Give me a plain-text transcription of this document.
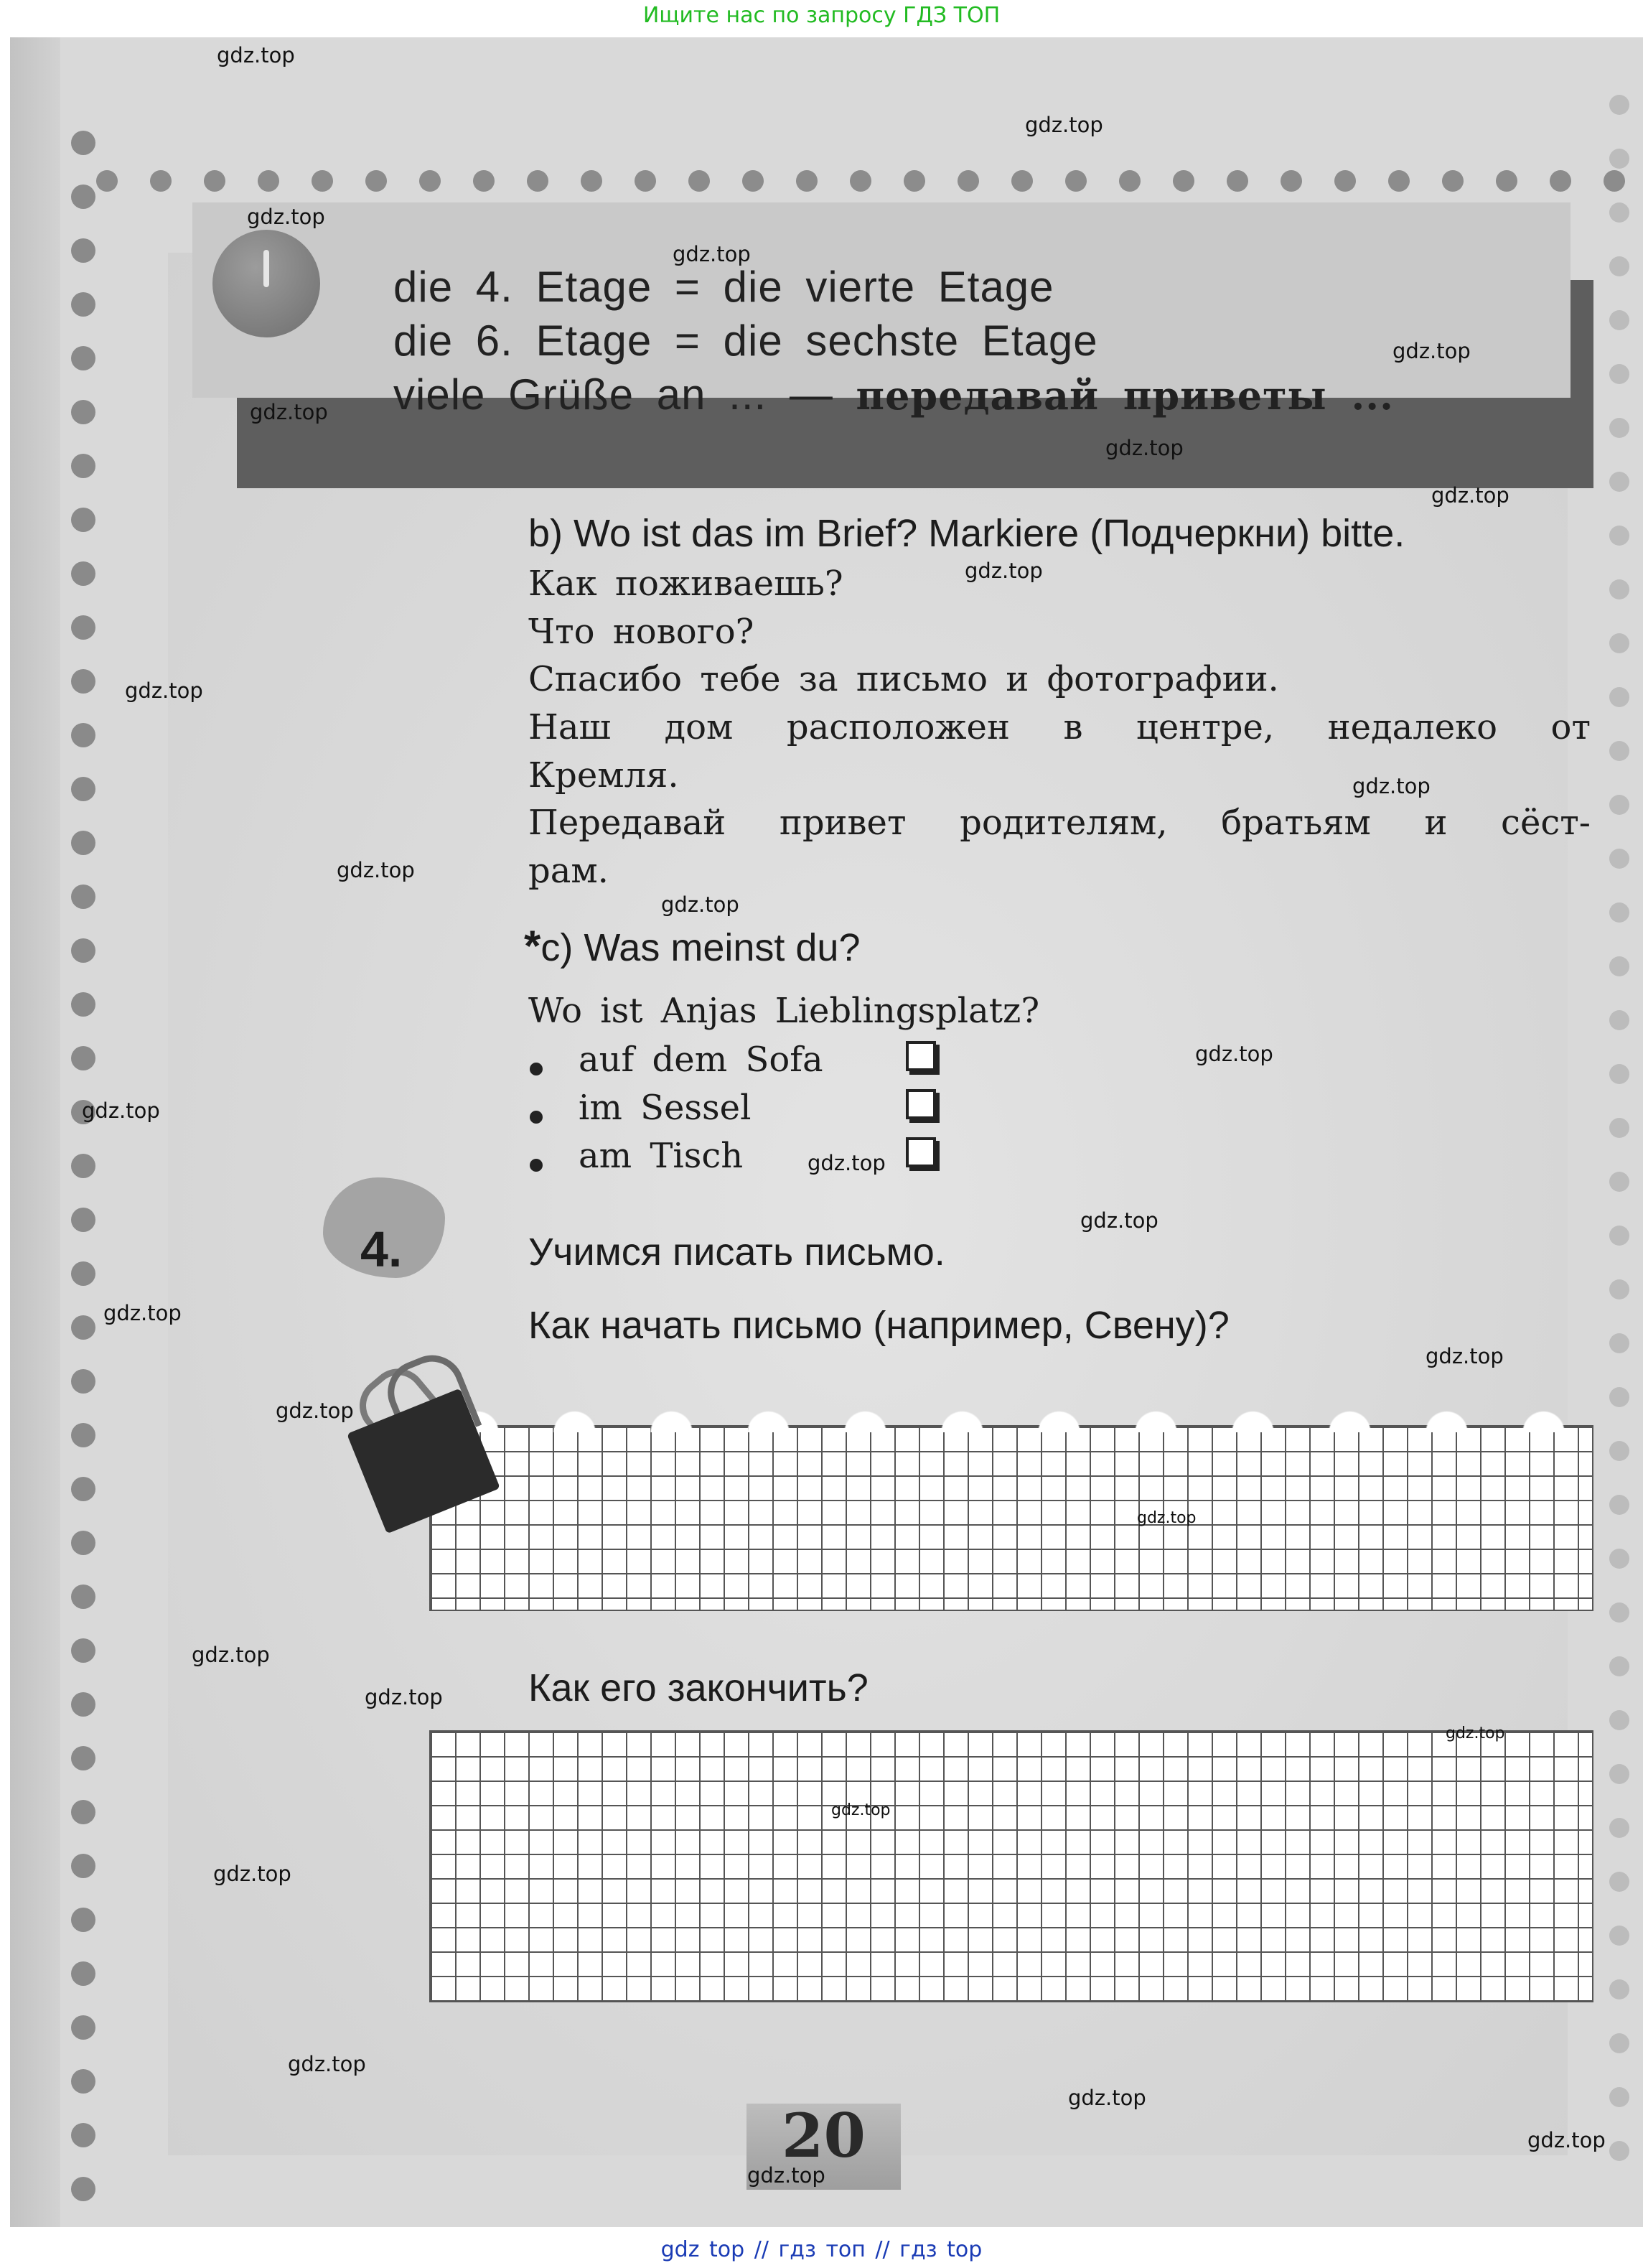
Ищите нас по запросу ГДЗ ТОП
die 4. Etage = die vierte Etage
die 6. Etage = die sechste Etage
viele Grüße an ... — передавай приветы ...
b) Wo ist das im Brief? Markiere (Подчеркни) bitte.
Как поживаешь?
Что нового?
Спасибо тебе за письмо и фотографии.
Наш дом расположен в центре, недалеко от
Кремля.
Передавай привет родителям, братьям и сёст-
рам.
*c) Was meinst du?
Wo ist Anjas Lieblingsplatz?
auf dem Sofa
im Sessel
am Tisch
4.	Учимся писать письмо.
Как начать письмо (например, Свену)?
Как его закончить?
20
gdz.top
gdz.top
gdz.top
gdz.top
gdz.top
gdz.top
gdz.top
gdz.top
gdz.top
gdz.top
gdz.top
gdz.top
gdz.top
gdz.top
gdz.top
gdz.top
gdz.top
gdz.top
gdz.top
gdz.top
gdz.top
gdz.top
gdz.top
gdz.top
gdz.top
gdz.top
gdz.top
gdz.top
gdz.top
gdz.top
gdz top // гдз топ // гдз top
